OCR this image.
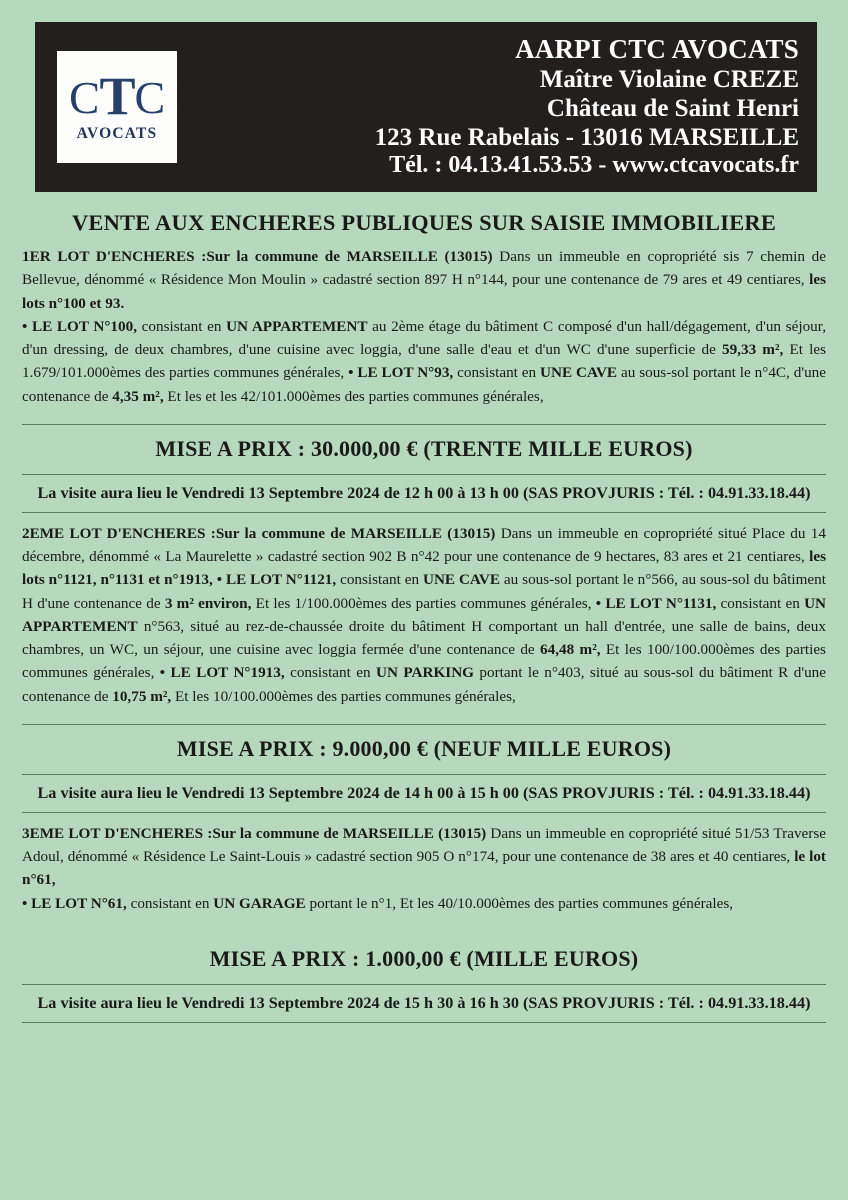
ƆTC
AVOCATS
AARPI CTC AVOCATS
Maître Violaine CREZE
Château de Saint Henri
123 Rue Rabelais - 13016 MARSEILLE
Tél. : 04.13.41.53.53 - www.ctcavocats.fr
VENTE AUX ENCHERES PUBLIQUES SUR SAISIE IMMOBILIERE

1ER LOT D'ENCHERES :Sur la commune de MARSEILLE (13015) Dans un immeuble en copropriété sis 7 chemin de Bellevue, dénommé « Résidence Mon Moulin » cadastré section 897 H n°144, pour une contenance de 79 ares et 49 centiares, les lots n°100 et 93.

• LE LOT N°100, consistant en UN APPARTEMENT au 2ème étage du bâtiment C composé d'un hall/dégagement, d'un séjour, d'un dressing, de deux chambres, d'une cuisine avec loggia, d'une salle d'eau et d'un WC d'une superficie de 59,33 m², Et les 1.679/101.000èmes des parties communes générales, • LE LOT N°93, consistant en UNE CAVE au sous-sol portant le n°4C, d'une contenance de 4,35 m², Et les et les 42/101.000èmes des parties communes générales,

MISE A PRIX : 30.000,00 € (TRENTE MILLE EUROS)
La visite aura lieu le Vendredi 13 Septembre 2024 de 12 h 00 à 13 h 00 (SAS PROVJURIS : Tél. : 04.91.33.18.44)

2EME LOT D'ENCHERES :Sur la commune de MARSEILLE (13015) Dans un immeuble en copropriété situé Place du 14 décembre, dénommé « La Maurelette » cadastré section 902 B n°42 pour une contenance de 9 hectares, 83 ares et 21 centiares, les lots n°1121, n°1131 et n°1913, • LE LOT N°1121, consistant en UNE CAVE au sous-sol portant le n°566, au sous-sol du bâtiment H d'une contenance de 3 m² environ, Et les 1/100.000èmes des parties communes générales, • LE LOT N°1131, consistant en UN APPARTEMENT n°563, situé au rez-de-chaussée droite du bâtiment H comportant un hall d'entrée, une salle de bains, deux chambres, un WC, un séjour, une cuisine avec loggia fermée d'une contenance de 64,48 m², Et les 100/100.000èmes des parties communes générales, • LE LOT N°1913, consistant en UN PARKING portant le n°403, situé au sous-sol du bâtiment R d'une contenance de 10,75 m², Et les 10/100.000èmes des parties communes générales,

MISE A PRIX : 9.000,00 € (NEUF MILLE EUROS)
La visite aura lieu le Vendredi 13 Septembre 2024 de 14 h 00 à 15 h 00 (SAS PROVJURIS : Tél. : 04.91.33.18.44)

3EME LOT D'ENCHERES :Sur la commune de MARSEILLE (13015) Dans un immeuble en copropriété situé 51/53 Traverse Adoul, dénommé « Résidence Le Saint-Louis » cadastré section 905 O n°174, pour une contenance de 38 ares et 40 centiares, le lot n°61,

• LE LOT N°61, consistant en UN GARAGE portant le n°1, Et les 40/10.000èmes des parties communes générales,

MISE A PRIX : 1.000,00 € (MILLE EUROS)
La visite aura lieu le Vendredi 13 Septembre 2024 de 15 h 30 à 16 h 30 (SAS PROVJURIS : Tél. : 04.91.33.18.44)
